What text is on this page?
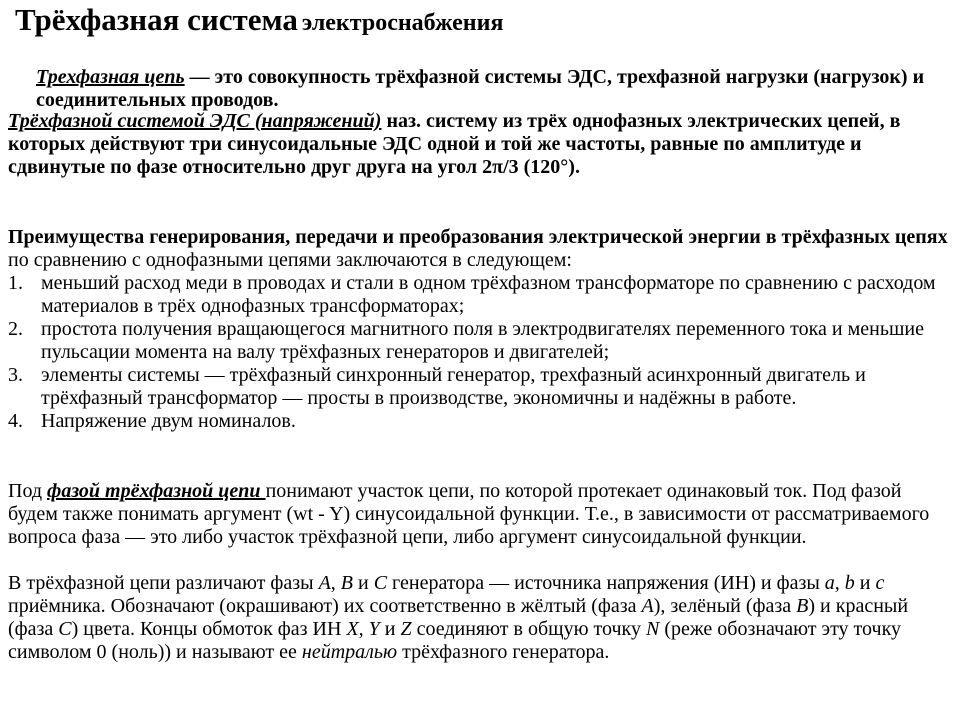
Трёхфазная система электроснабжения

Трехфазная цепь — это совокупность трёхфазной системы ЭДС, трехфазной нагрузки (нагрузок) и соединительных проводов.

Трёхфазной системой ЭДС (напряжений) наз. систему из трёх однофазных электрических цепей, в которых действуют три синусоидальные ЭДС одной и той же частоты, равные по амплитуде и сдвинутые по фазе относительно друг друга на угол 2π/3 (120°).

Преимущества генерирования, передачи и преобразования электрической энергии в трёхфазных цепях по сравнению с однофазными цепями заключаются в следующем:

1. меньший расход меди в проводах и стали в одном трёхфазном трансформаторе по сравнению с расходом материалов в трёх однофазных трансформаторах;
2. простота получения вращающегося магнитного поля в электродвигателях переменного тока и меньшие пульсации момента на валу трёхфазных генераторов и двигателей;
3. элементы системы — трёхфазный синхронный генератор, трехфазный асинхронный двигатель и трёхфазный трансформатор — просты в производстве, экономичны и надёжны в работе.
4. Напряжение двум номиналов.

Под фазой трёхфазной цепи понимают участок цепи, по которой протекает одинаковый ток. Под фазой будем также понимать аргумент (wt - Y) синусоидальной функции. Т.е., в зависимости от рассматриваемого вопроса фаза — это либо участок трёхфазной цепи, либо аргумент синусоидальной функции.

В трёхфазной цепи различают фазы A, B и C генератора — источника напряжения (ИН) и фазы a, b и c приёмника. Обозначают (окрашивают) их соответственно в жёлтый (фаза A), зелёный (фаза B) и красный (фаза C) цвета. Концы обмоток фаз ИН X, Y и Z соединяют в общую точку N (реже обозначают эту точку символом 0 (ноль)) и называют ее нейтралью трёхфазного генератора.
